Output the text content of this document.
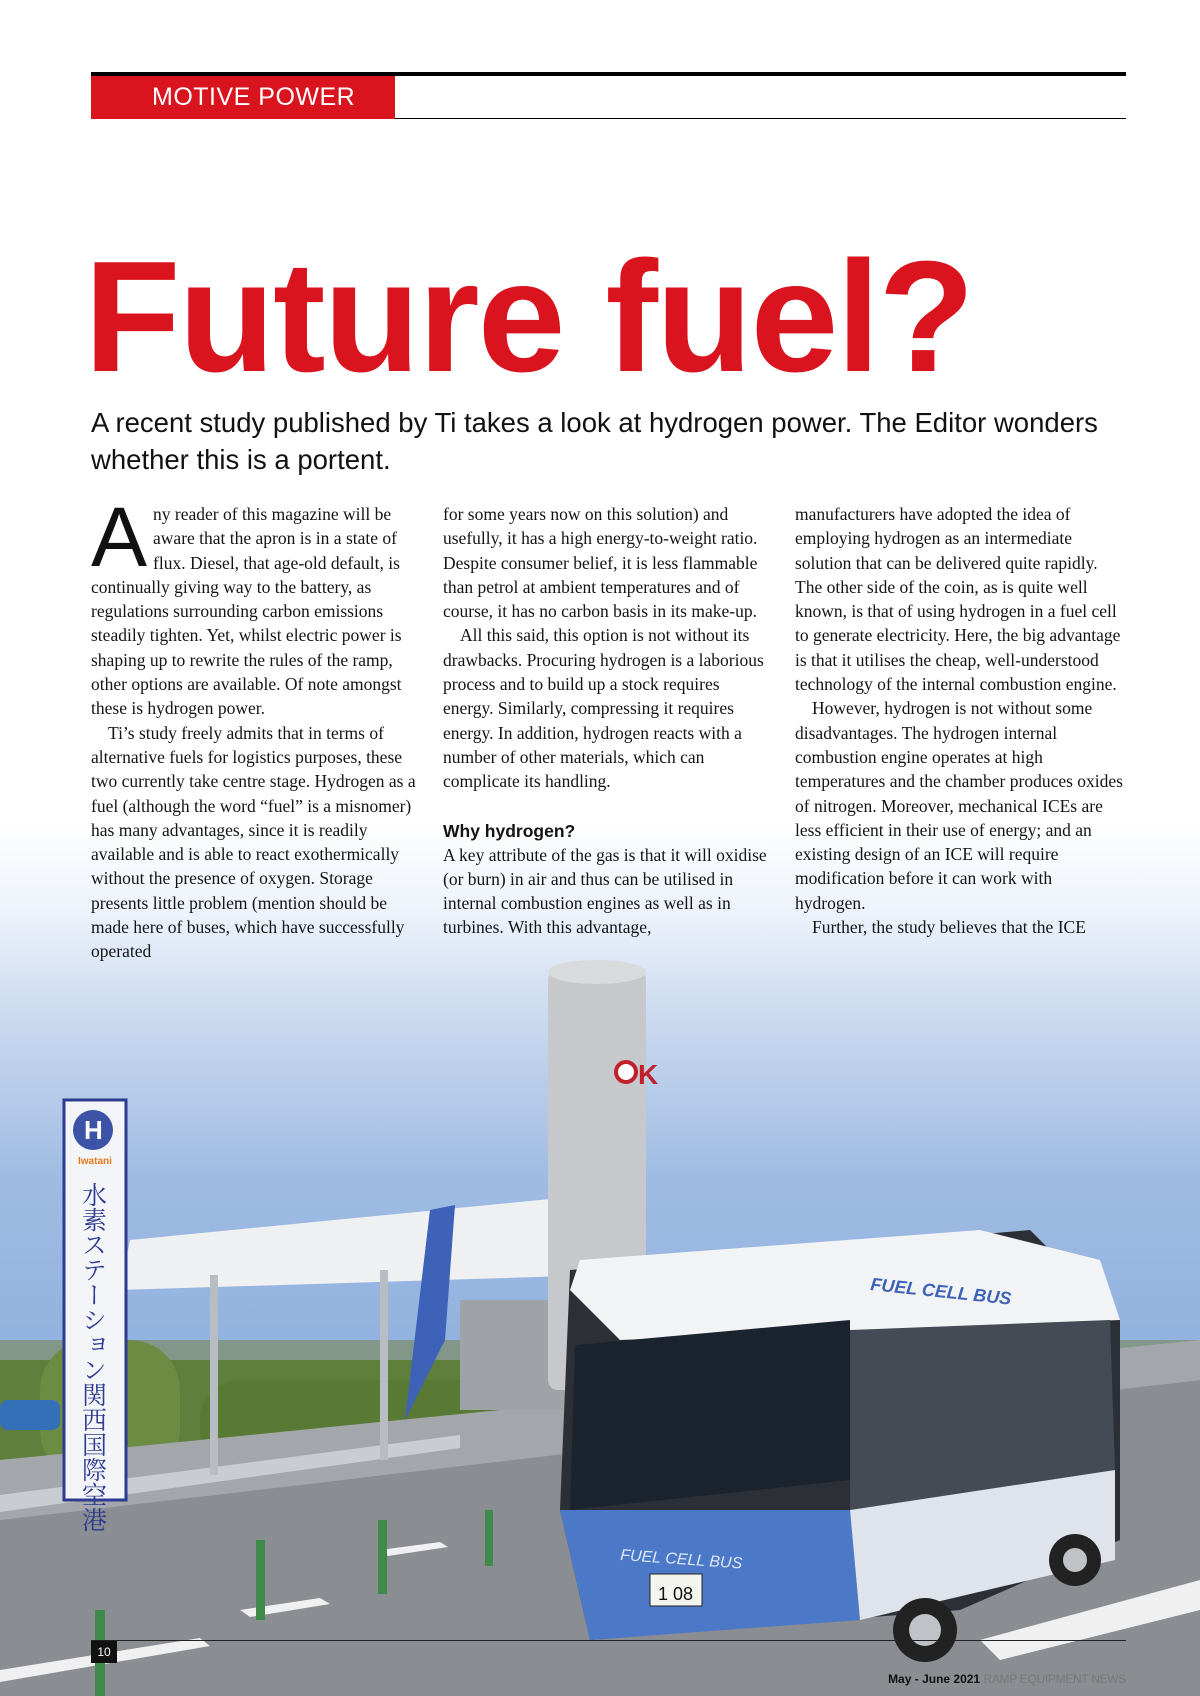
MOTIVE POWER
Future fuel?

A recent study published by Ti takes a look at hydrogen power. The Editor wonders whether this is a portent.

K
H
Iwatani
水素ステーション関西国際空港	FUEL CELL BUS
FUEL CELL BUS
1 08

Any reader of this magazine will be aware that the apron is in a state of flux. Diesel, that age-old default, is continually giving way to the battery, as regulations surrounding carbon emissions steadily tighten. Yet, whilst electric power is shaping up to rewrite the rules of the ramp, other options are available. Of note amongst these is hydrogen power.

Ti’s study freely admits that in terms of alternative fuels for logistics purposes, these two currently take centre stage. Hydrogen as a fuel (although the word “fuel” is a misnomer) has many advantages, since it is readily available and is able to react exothermically without the presence of oxygen. Storage presents little problem (mention should be made here of buses, which have successfully operated

for some years now on this solution) and usefully, it has a high energy-to-weight ratio. Despite consumer belief, it is less flammable than petrol at ambient temperatures and of course, it has no carbon basis in its make-up.

All this said, this option is not without its drawbacks. Procuring hydrogen is a laborious process and to build up a stock requires energy. Similarly, compressing it requires energy. In addition, hydrogen reacts with a number of other materials, which can complicate its handling.

Why hydrogen?

A key attribute of the gas is that it will oxidise (or burn) in air and thus can be utilised in internal combustion engines as well as in turbines. With this advantage,

manufacturers have adopted the idea of employing hydrogen as an intermediate solution that can be delivered quite rapidly. The other side of the coin, as is quite well known, is that of using hydrogen in a fuel cell to generate electricity. Here, the big advantage is that it utilises the cheap, well-understood technology of the internal combustion engine.

However, hydrogen is not without some disadvantages. The hydrogen internal combustion engine operates at high temperatures and the chamber produces oxides of nitrogen. Moreover, mechanical ICEs are less efficient in their use of energy; and an existing design of an ICE will require modification before it can work with hydrogen.

Further, the study believes that the ICE

10
May - June 2021 RAMP EQUIPMENT NEWS
